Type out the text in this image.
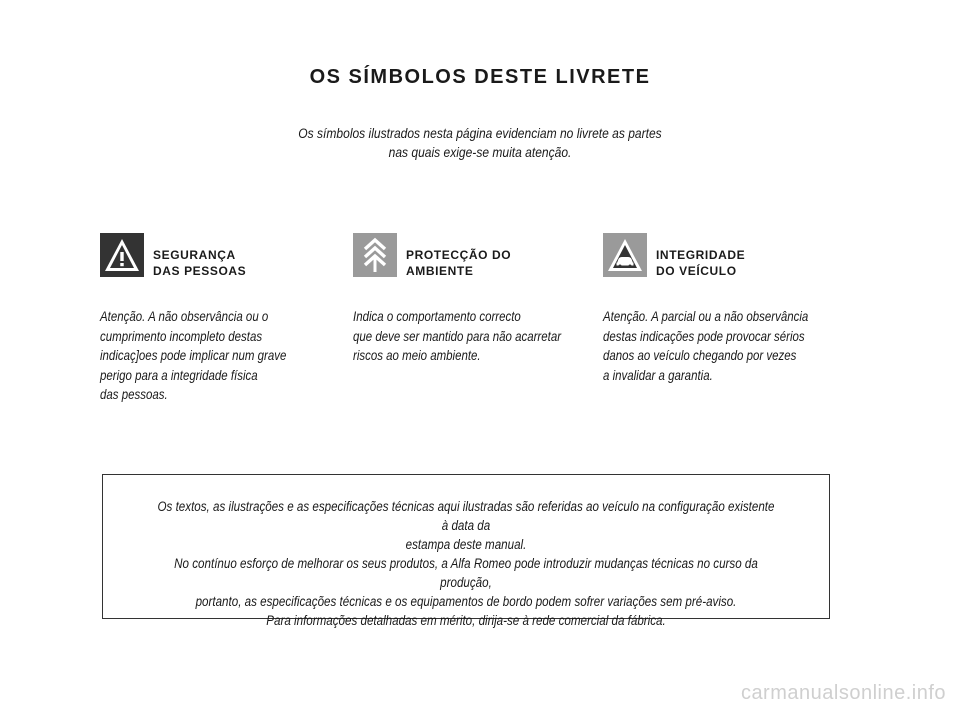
OS SÍMBOLOS DESTE LIVRETE
Os símbolos ilustrados nesta página evidenciam no livrete as partes
nas quais exige-se muita atenção.
SEGURANÇA
DAS PESSOAS
Atenção. A não observância ou o
cumprimento incompleto destas
indicaç]oes pode implicar num grave
perigo para a integridade física
das pessoas.
PROTECÇÃO DO
AMBIENTE
Indica o comportamento correcto
que deve ser mantido para não acarretar
riscos ao meio ambiente.
INTEGRIDADE
DO VEÍCULO
Atenção. A parcial ou a não observância
destas indicações pode provocar sérios
danos ao veículo chegando por vezes
a invalidar a garantia.
Os textos, as ilustrações e as especificações técnicas aqui ilustradas são referidas ao veículo na configuração existente à data da
estampa deste manual.
No contínuo esforço de melhorar os seus produtos, a Alfa Romeo pode introduzir mudanças técnicas no curso da produção,
portanto, as especificações técnicas e os equipamentos de bordo podem sofrer variações sem pré-aviso.
Para informações detalhadas em mérito, dirija-se à rede comercial da fábrica.
carmanualsonline.info
